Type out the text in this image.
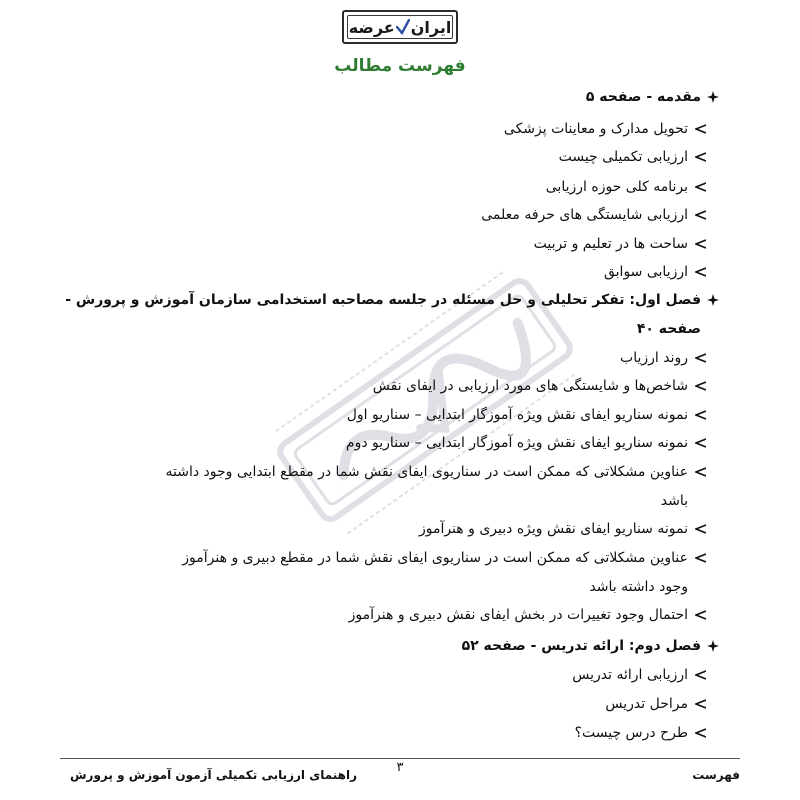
ایران
عرضه
فهرست مطالب
مقدمه - صفحه ۵
تحویل مدارک و معاینات پزشکی
ارزیابی تکمیلی چیست
برنامه کلی حوزه ارزیابی
ارزیابی شایستگی های حرفه معلمی
ساحت ها در تعلیم و تربیت
ارزیابی سوابق
فصل اول: تفکر تحلیلی و حل مسئله در جلسه مصاحبه استخدامی سازمان آموزش و پرورش -
صفحه ۴۰
روند ارزیاب
شاخص‌ها و شایستگی های مورد ارزیابی در ایفای نقش
نمونه سناریو ایفای نقش ویژه آموزگار ابتدایی – سناریو اول
نمونه سناریو ایفای نقش ویژه آموزگار ابتدایی – سناریو دوم
عناوین مشکلاتی که ممکن است در سناریوی ایفای نقش شما در مقطع ابتدایی وجود داشته
باشد
نمونه سناریو ایفای نقش ویژه دبیری و هنرآموز
عناوین مشکلاتی که ممکن است در سناریوی ایفای نقش شما در مقطع دبیری و هنرآموز
وجود داشته باشد
احتمال وجود تغییرات در بخش ایفای نقش دبیری و هنرآموز
فصل دوم: ارائه تدریس - صفحه ۵۲
ارزیابی ارائه تدریس
مراحل تدریس
طرح درس چیست؟
فهرست
۳
راهنمای ارزیابی تکمیلی آزمون آموزش و پرورش
